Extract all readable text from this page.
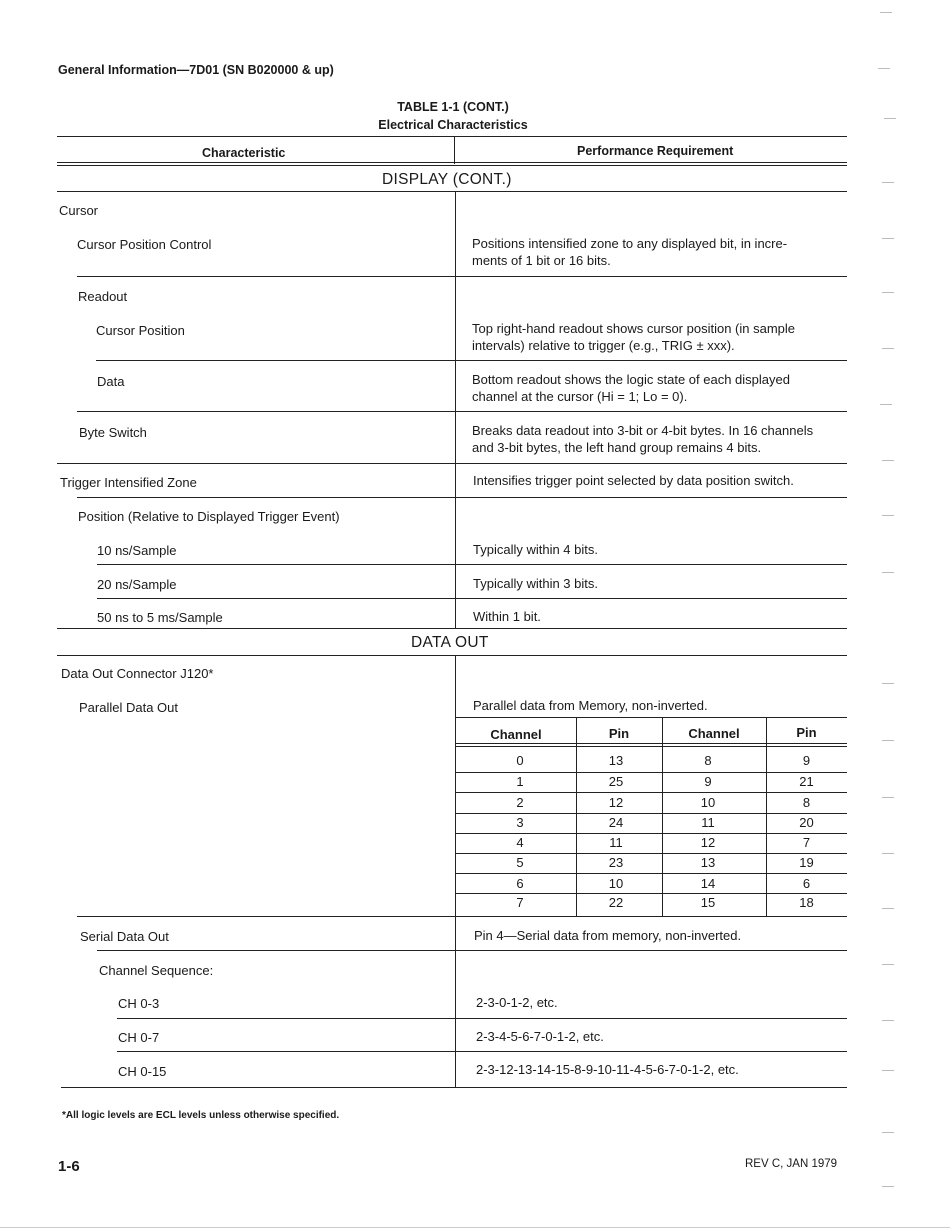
General Information—7D01 (SN B020000 & up)
TABLE 1-1 (CONT.)
Electrical Characteristics
Characteristic	Performance Requirement
DISPLAY (CONT.)
Cursor
Cursor Position Control	Positions intensified zone to any displayed bit, in incre-
ments of 1 bit or 16 bits.
Readout
Cursor Position	Top right-hand readout shows cursor position (in sample
intervals) relative to trigger (e.g., TRIG ± xxx).
Data	Bottom readout shows the logic state of each displayed
channel at the cursor (Hi = 1; Lo = 0).
Byte Switch	Breaks data readout into 3-bit or 4-bit bytes. In 16 channels
and 3-bit bytes, the left hand group remains 4 bits.
Trigger Intensified Zone	Intensifies trigger point selected by data position switch.
Position (Relative to Displayed Trigger Event)
10 ns/Sample	Typically within 4 bits.
20 ns/Sample	Typically within 3 bits.
50 ns to 5 ms/Sample	Within 1 bit.
DATA OUT
Data Out Connector J120*
Parallel Data Out	Parallel data from Memory, non-inverted.
Channel	Pin	Channel	Pin
0	13	8	9
1	25	9	21
2	12	10	8
3	24	11	20
4	11	12	7
5	23	13	19
6	10	14	6
7	22	15	18
Serial Data Out	Pin 4—Serial data from memory, non-inverted.
Channel Sequence:
CH 0-3	2-3-0-1-2, etc.
CH 0-7	2-3-4-5-6-7-0-1-2, etc.
CH 0-15	2-3-12-13-14-15-8-9-10-11-4-5-6-7-0-1-2, etc.
*All logic levels are ECL levels unless otherwise specified.
1-6	REV C, JAN 1979
